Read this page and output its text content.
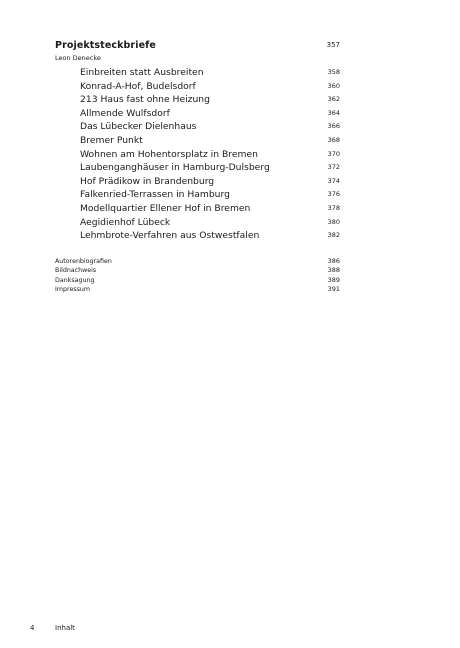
Projektsteckbriefe	357
Leon Denecke
Einbreiten statt Ausbreiten	358
Konrad-A-Hof, Budelsdorf	360
213 Haus fast ohne Heizung	362
Allmende Wulfsdorf	364
Das Lübecker Dielenhaus	366
Bremer Punkt	368
Wohnen am Hohentorsplatz in Bremen	370
Laubenganghäuser in Hamburg-Dulsberg	372
Hof Prädikow in Brandenburg	374
Falkenried-Terrassen in Hamburg	376
Modellquartier Ellener Hof in Bremen	378
Aegidienhof Lübeck	380
Lehmbrote-Verfahren aus Ostwestfalen	382
Autorenbiografien	386
Bildnachweis	388
Danksagung	389
Impressum	391
4	Inhalt
